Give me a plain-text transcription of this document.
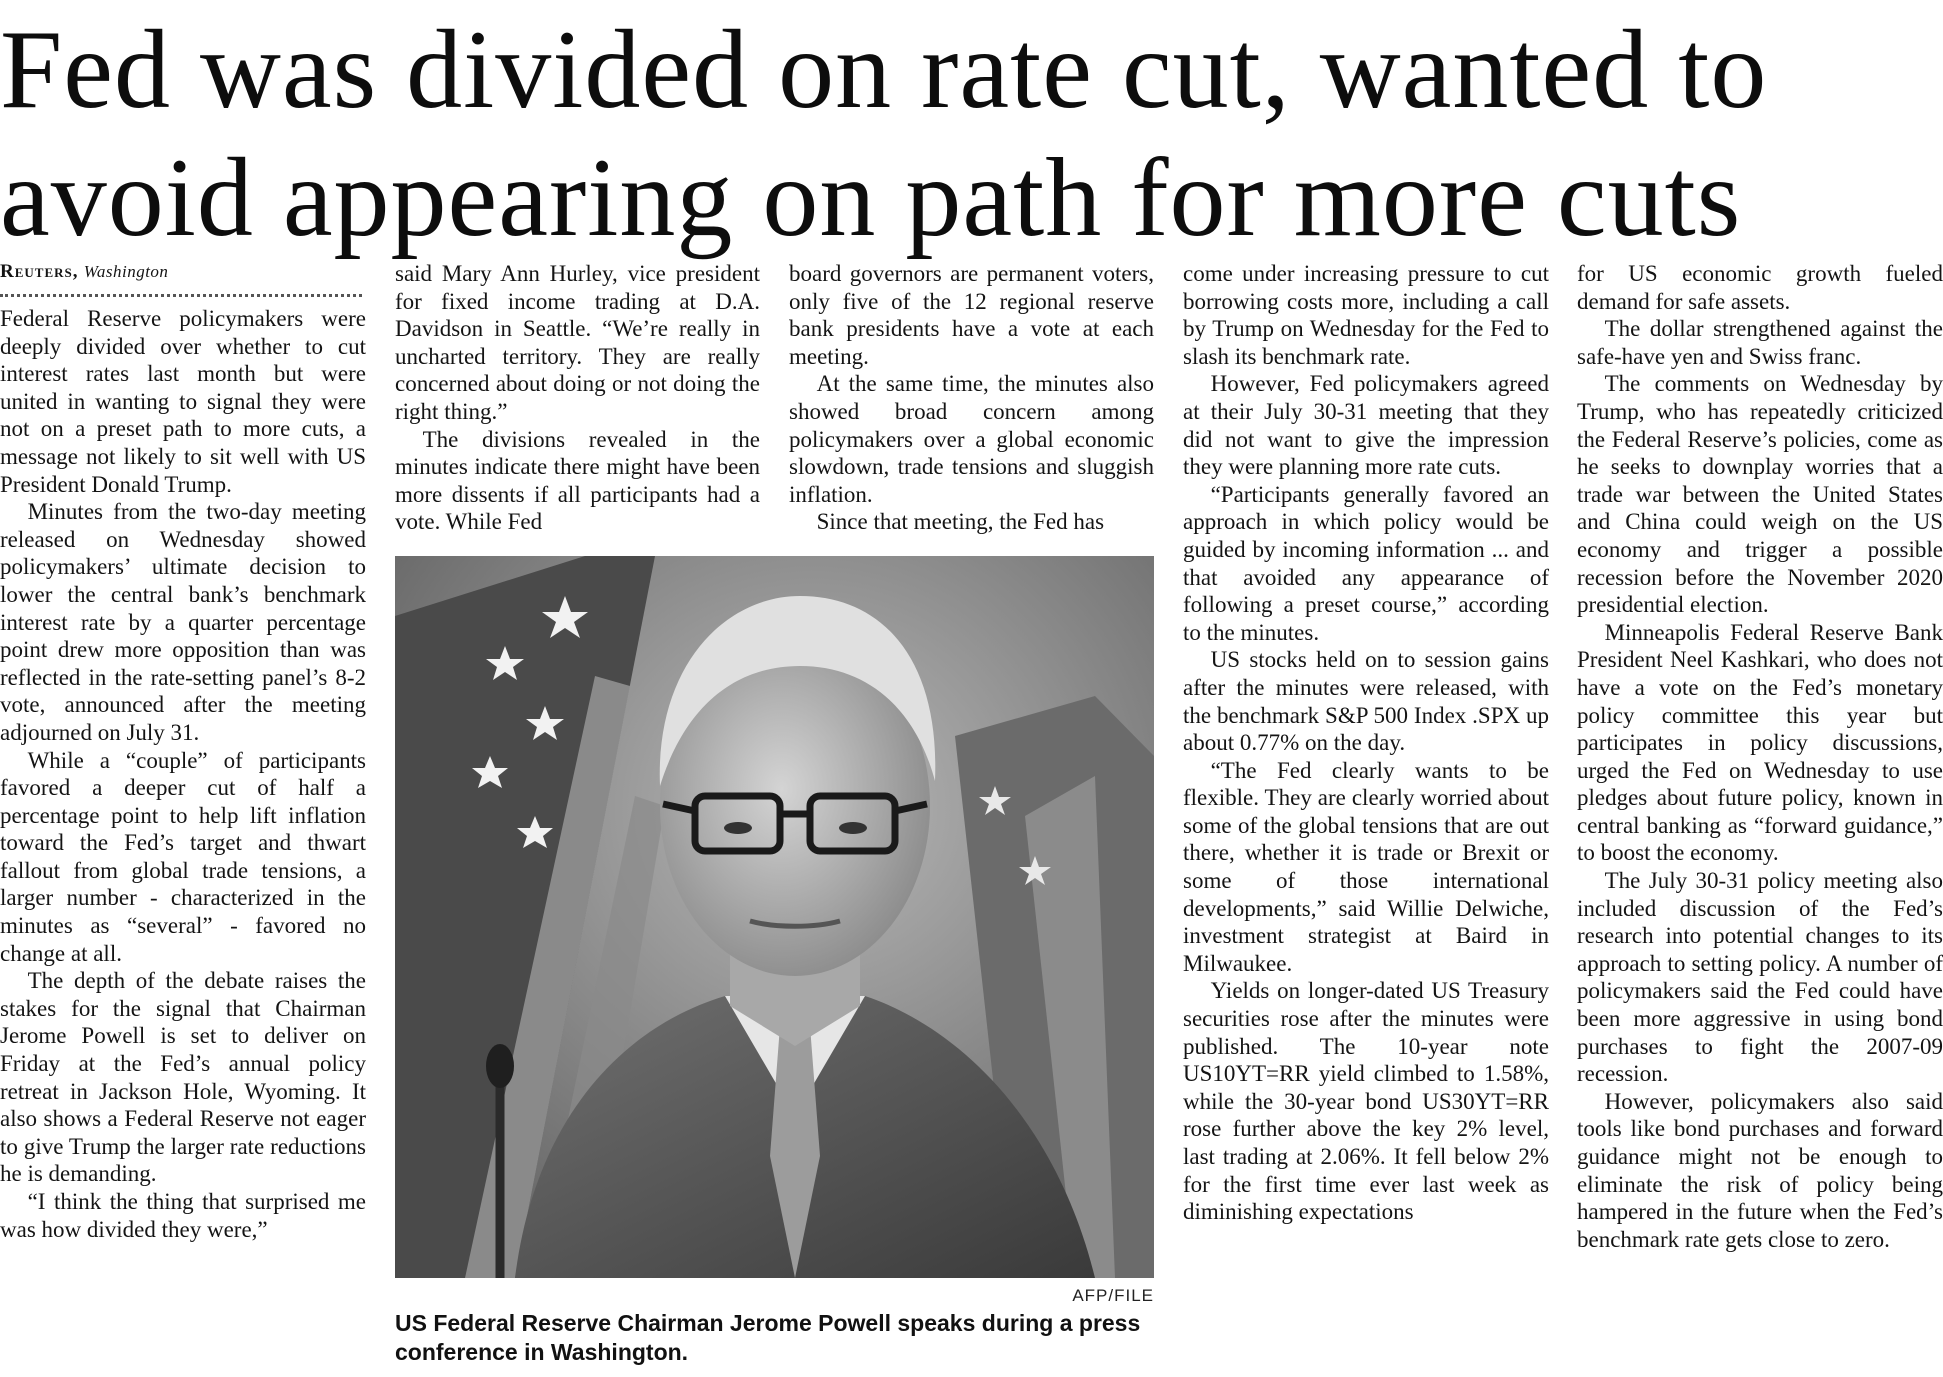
Fed was divided on rate cut, wanted to
avoid appearing on path for more cuts

Reuters, Washington

Federal Reserve policymakers were deeply divided over whether to cut interest rates last month but were united in wanting to signal they were not on a preset path to more cuts, a message not likely to sit well with US President Donald Trump.

Minutes from the two-day meeting released on Wednesday showed policymakers’ ultimate decision to lower the central bank’s benchmark interest rate by a quarter percentage point drew more opposition than was reflected in the rate-setting panel’s 8-2 vote, announced after the meeting adjourned on July 31.

While a “couple” of participants favored a deeper cut of half a percentage point to help lift inflation toward the Fed’s target and thwart fallout from global trade tensions, a larger number - characterized in the minutes as “several” - favored no change at all.

The depth of the debate raises the stakes for the signal that Chairman Jerome Powell is set to deliver on Friday at the Fed’s annual policy retreat in Jackson Hole, Wyoming. It also shows a Federal Reserve not eager to give Trump the larger rate reductions he is demanding.

“I think the thing that surprised me was how divided they were,”

said Mary Ann Hurley, vice president for fixed income trading at D.A. Davidson in Seattle. “We’re really in uncharted territory. They are really concerned about doing or not doing the right thing.”

The divisions revealed in the minutes indicate there might have been more dissents if all participants had a vote. While Fed

board governors are permanent voters, only five of the 12 regional reserve bank presidents have a vote at each meeting.

At the same time, the minutes also showed broad concern among policymakers over a global economic slowdown, trade tensions and sluggish inflation.

Since that meeting, the Fed has

come under increasing pressure to cut borrowing costs more, including a call by Trump on Wednesday for the Fed to slash its benchmark rate.

However, Fed policymakers agreed at their July 30-31 meeting that they did not want to give the impression they were planning more rate cuts.

“Participants generally favored an approach in which policy would be guided by incoming information ... and that avoided any appearance of following a preset course,” according to the minutes.

US stocks held on to session gains after the minutes were released, with the benchmark S&P 500 Index .SPX up about 0.77% on the day.

“The Fed clearly wants to be flexible. They are clearly worried about some of the global tensions that are out there, whether it is trade or Brexit or some of those international developments,” said Willie Delwiche, investment strategist at Baird in Milwaukee.

Yields on longer-dated US Treasury securities rose after the minutes were published. The 10-year note US10YT=RR yield climbed to 1.58%, while the 30-year bond US30YT=RR rose further above the key 2% level, last trading at 2.06%. It fell below 2% for the first time ever last week as diminishing expectations

for US economic growth fueled demand for safe assets.

The dollar strengthened against the safe-have yen and Swiss franc.

The comments on Wednesday by Trump, who has repeatedly criticized the Federal Reserve’s policies, come as he seeks to downplay worries that a trade war between the United States and China could weigh on the US economy and trigger a possible recession before the November 2020 presidential election.

Minneapolis Federal Reserve Bank President Neel Kashkari, who does not have a vote on the Fed’s monetary policy committee this year but participates in policy discussions, urged the Fed on Wednesday to use pledges about future policy, known in central banking as “forward guidance,” to boost the economy.

The July 30-31 policy meeting also included discussion of the Fed’s research into potential changes to its approach to setting policy. A number of policymakers said the Fed could have been more aggressive in using bond purchases to fight the 2007-09 recession.

However, policymakers also said tools like bond purchases and forward guidance might not be enough to eliminate the risk of policy being hampered in the future when the Fed’s benchmark rate gets close to zero.

AFP/FILE
US Federal Reserve Chairman Jerome Powell speaks during a press conference in Washington.
